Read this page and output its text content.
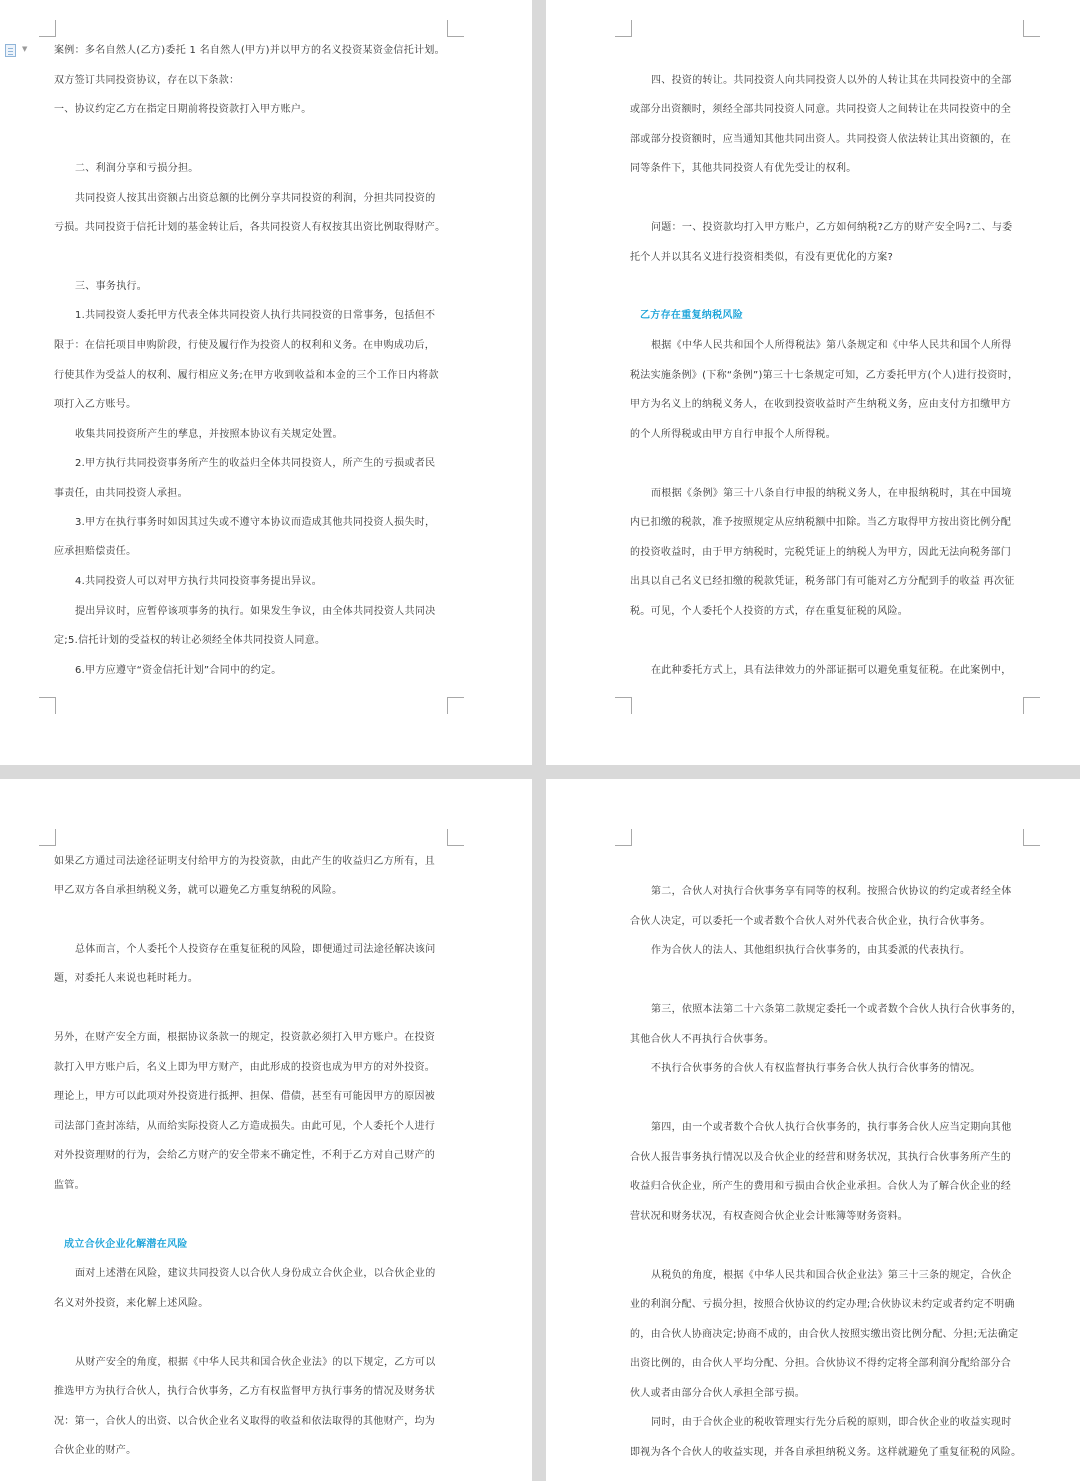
▼	案例：多名自然人(乙方)委托 1 名自然人(甲方)并以甲方的名义投资某资金信托计划。

双方签订共同投资协议，存在以下条款：

一、协议约定乙方在指定日期前将投资款打入甲方账户。

二、利润分享和亏损分担。

共同投资人按其出资额占出资总额的比例分享共同投资的利润，分担共同投资的

亏损。共同投资于信托计划的基金转让后，各共同投资人有权按其出资比例取得财产。

三、事务执行。

1.共同投资人委托甲方代表全体共同投资人执行共同投资的日常事务，包括但不

限于：在信托项目申购阶段，行使及履行作为投资人的权利和义务。在申购成功后，

行使其作为受益人的权利、履行相应义务;在甲方收到收益和本金的三个工作日内将款

项打入乙方账号。

收集共同投资所产生的孳息，并按照本协议有关规定处置。

2.甲方执行共同投资事务所产生的收益归全体共同投资人，所产生的亏损或者民

事责任，由共同投资人承担。

3.甲方在执行事务时如因其过失或不遵守本协议而造成其他共同投资人损失时，

应承担赔偿责任。

4.共同投资人可以对甲方执行共同投资事务提出异议。

提出异议时，应暂停该项事务的执行。如果发生争议，由全体共同投资人共同决

定;5.信托计划的受益权的转让必须经全体共同投资人同意。

6.甲方应遵守“资金信托计划”合同中的约定。

四、投资的转让。共同投资人向共同投资人以外的人转让其在共同投资中的全部

或部分出资额时，须经全部共同投资人同意。共同投资人之间转让在共同投资中的全

部或部分投资额时，应当通知其他共同出资人。共同投资人依法转让其出资额的，在

同等条件下，其他共同投资人有优先受让的权利。

问题：一、投资款均打入甲方账户，乙方如何纳税?乙方的财产安全吗?二、与委

托个人并以其名义进行投资相类似，有没有更优化的方案?

乙方存在重复纳税风险

根据《中华人民共和国个人所得税法》第八条规定和《中华人民共和国个人所得

税法实施条例》(下称“条例”)第三十七条规定可知，乙方委托甲方(个人)进行投资时，

甲方为名义上的纳税义务人，在收到投资收益时产生纳税义务，应由支付方扣缴甲方

的个人所得税或由甲方自行申报个人所得税。

而根据《条例》第三十八条自行申报的纳税义务人，在申报纳税时，其在中国境

内已扣缴的税款，准予按照规定从应纳税额中扣除。当乙方取得甲方按出资比例分配

的投资收益时，由于甲方纳税时，完税凭证上的纳税人为甲方，因此无法向税务部门

出具以自己名义已经扣缴的税款凭证，税务部门有可能对乙方分配到手的收益 再次征

税。可见，个人委托个人投资的方式，存在重复征税的风险。

在此种委托方式上，具有法律效力的外部证据可以避免重复征税。在此案例中，

如果乙方通过司法途径证明支付给甲方的为投资款，由此产生的收益归乙方所有，且

甲乙双方各自承担纳税义务，就可以避免乙方重复纳税的风险。

总体而言，个人委托个人投资存在重复征税的风险，即便通过司法途径解决该问

题，对委托人来说也耗时耗力。

另外，在财产安全方面，根据协议条款一的规定，投资款必须打入甲方账户。在投资

款打入甲方账户后，名义上即为甲方财产，由此形成的投资也成为甲方的对外投资。

理论上，甲方可以此项对外投资进行抵押、担保、借债，甚至有可能因甲方的原因被

司法部门查封冻结，从而给实际投资人乙方造成损失。由此可见，个人委托个人进行

对外投资理财的行为，会给乙方财产的安全带来不确定性，不利于乙方对自己财产的

监管。

成立合伙企业化解潜在风险

面对上述潜在风险，建议共同投资人以合伙人身份成立合伙企业，以合伙企业的

名义对外投资，来化解上述风险。

从财产安全的角度，根据《中华人民共和国合伙企业法》的以下规定，乙方可以

推选甲方为执行合伙人，执行合伙事务，乙方有权监督甲方执行事务的情况及财务状

况：第一，合伙人的出资、以合伙企业名义取得的收益和依法取得的其他财产，均为

合伙企业的财产。

第二，合伙人对执行合伙事务享有同等的权利。按照合伙协议的约定或者经全体

合伙人决定，可以委托一个或者数个合伙人对外代表合伙企业，执行合伙事务。

作为合伙人的法人、其他组织执行合伙事务的，由其委派的代表执行。

第三，依照本法第二十六条第二款规定委托一个或者数个合伙人执行合伙事务的，

其他合伙人不再执行合伙事务。

不执行合伙事务的合伙人有权监督执行事务合伙人执行合伙事务的情况。

第四，由一个或者数个合伙人执行合伙事务的，执行事务合伙人应当定期向其他

合伙人报告事务执行情况以及合伙企业的经营和财务状况，其执行合伙事务所产生的

收益归合伙企业，所产生的费用和亏损由合伙企业承担。合伙人为了解合伙企业的经

营状况和财务状况，有权查阅合伙企业会计账簿等财务资料。

从税负的角度，根据《中华人民共和国合伙企业法》第三十三条的规定，合伙企

业的利润分配、亏损分担，按照合伙协议的约定办理;合伙协议未约定或者约定不明确

的，由合伙人协商决定;协商不成的，由合伙人按照实缴出资比例分配、分担;无法确定

出资比例的，由合伙人平均分配、分担。合伙协议不得约定将全部利润分配给部分合

伙人或者由部分合伙人承担全部亏损。

同时，由于合伙企业的税收管理实行先分后税的原则，即合伙企业的收益实现时

即视为各个合伙人的收益实现，并各自承担纳税义务。这样就避免了重复征税的风险。
